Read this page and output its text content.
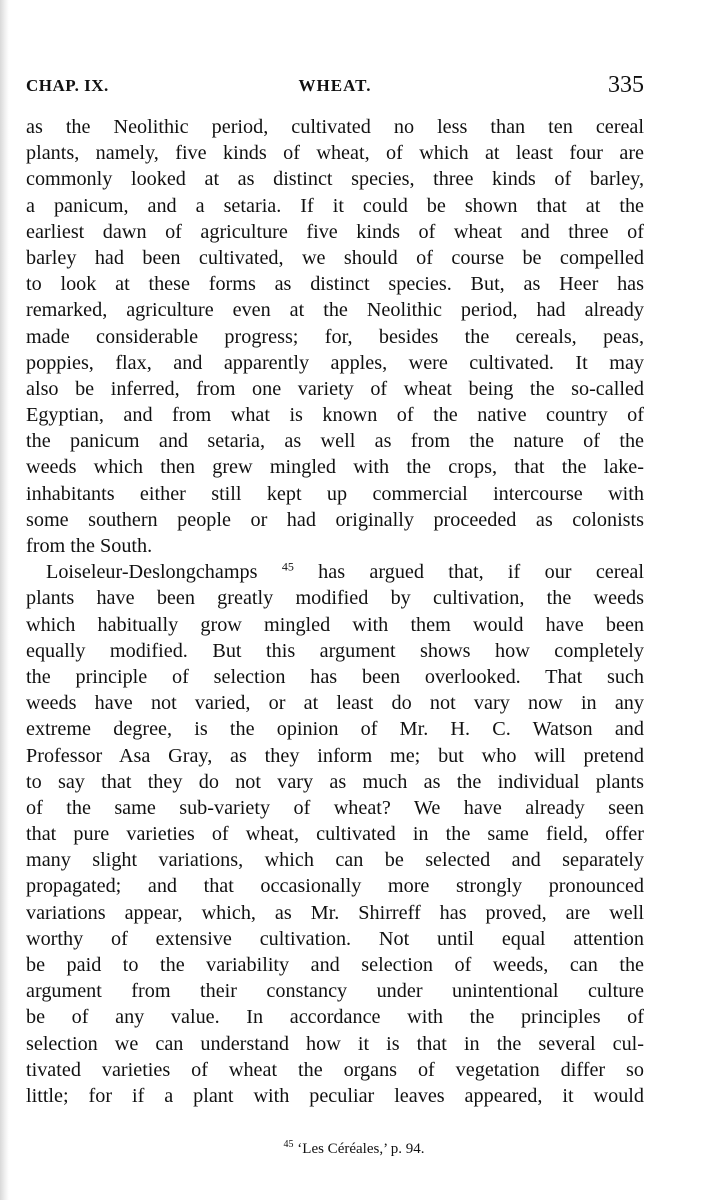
CHAP. IX.	WHEAT.	335
as the Neolithic period, cultivated no less than ten cereal
plants, namely, five kinds of wheat, of which at least four are
commonly looked at as distinct species, three kinds of barley,
a panicum, and a setaria. If it could be shown that at the
earliest dawn of agriculture five kinds of wheat and three of
barley had been cultivated, we should of course be compelled
to look at these forms as distinct species. But, as Heer has
remarked, agriculture even at the Neolithic period, had already
made considerable progress; for, besides the cereals, peas,
poppies, flax, and apparently apples, were cultivated. It may
also be inferred, from one variety of wheat being the so-called
Egyptian, and from what is known of the native country of
the panicum and setaria, as well as from the nature of the
weeds which then grew mingled with the crops, that the lake-
inhabitants either still kept up commercial intercourse with
some southern people or had originally proceeded as colonists
from the South.
Loiseleur-Deslongchamps $^{45}$ has argued that, if our cereal
plants have been greatly modified by cultivation, the weeds
which habitually grow mingled with them would have been
equally modified. But this argument shows how completely
the principle of selection has been overlooked. That such
weeds have not varied, or at least do not vary now in any
extreme degree, is the opinion of Mr. H. C. Watson and
Professor Asa Gray, as they inform me; but who will pretend
to say that they do not vary as much as the individual plants
of the same sub-variety of wheat? We have already seen
that pure varieties of wheat, cultivated in the same field, offer
many slight variations, which can be selected and separately
propagated; and that occasionally more strongly pronounced
variations appear, which, as Mr. Shirreff has proved, are well
worthy of extensive cultivation. Not until equal attention
be paid to the variability and selection of weeds, can the
argument from their constancy under unintentional culture
be of any value. In accordance with the principles of
selection we can understand how it is that in the several cul-
tivated varieties of wheat the organs of vegetation differ so
little; for if a plant with peculiar leaves appeared, it would
$^{45}$ ‘Les Céréales,’ p. 94.
